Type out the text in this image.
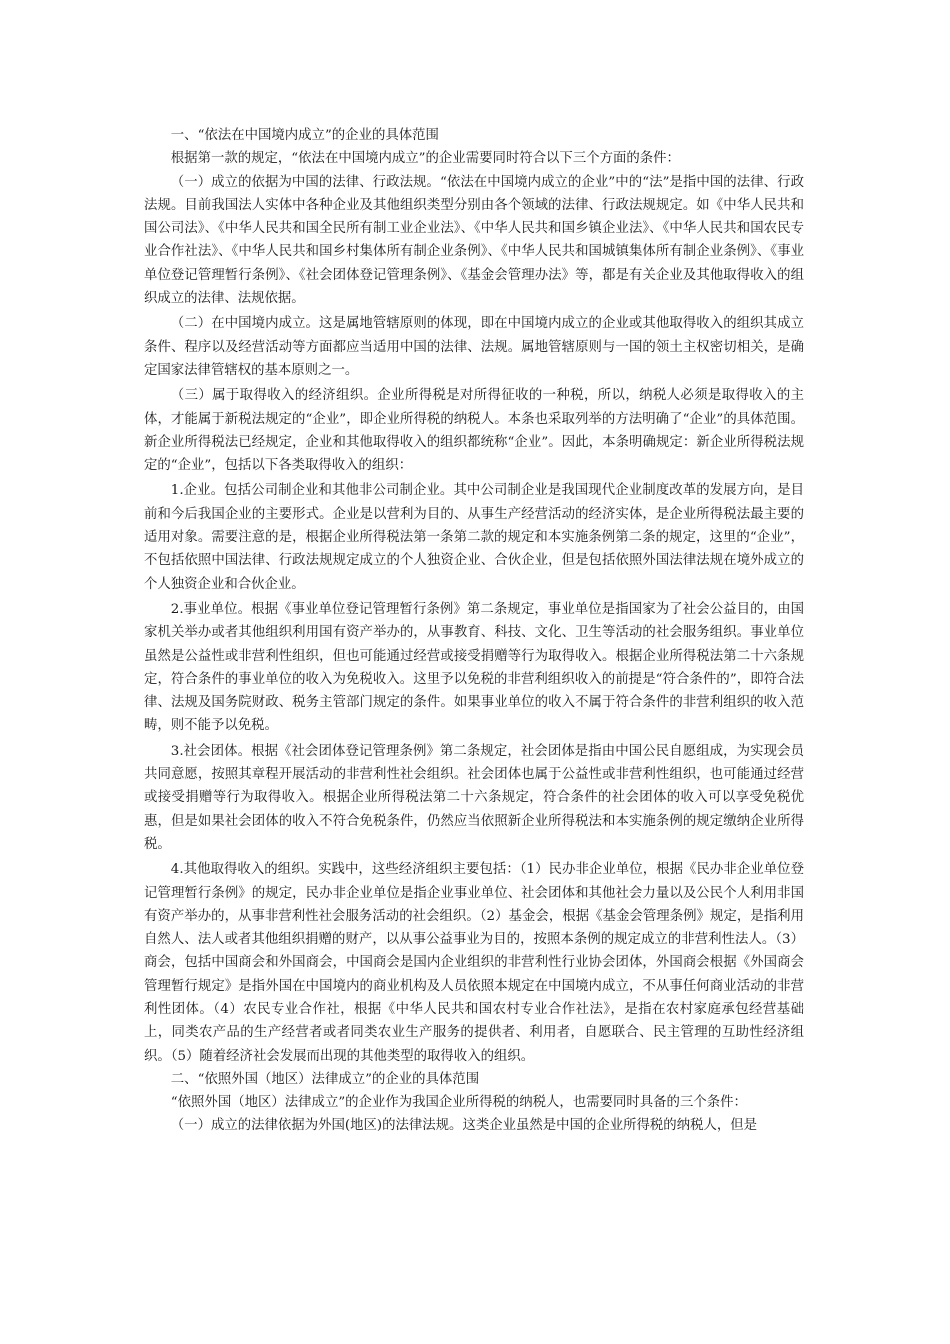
一、“依法在中国境内成立”的企业的具体范围

根据第一款的规定，“依法在中国境内成立”的企业需要同时符合以下三个方面的条件：

（一）成立的依据为中国的法律、行政法规。“依法在中国境内成立的企业”中的“法”是指中国的法律、行政法规。目前我国法人实体中各种企业及其他组织类型分别由各个领域的法律、行政法规规定。如《中华人民共和国公司法》、《中华人民共和国全民所有制工业企业法》、《中华人民共和国乡镇企业法》、《中华人民共和国农民专业合作社法》、《中华人民共和国乡村集体所有制企业条例》、《中华人民共和国城镇集体所有制企业条例》、《事业单位登记管理暂行条例》、《社会团体登记管理条例》、《基金会管理办法》等，都是有关企业及其他取得收入的组织成立的法律、法规依据。

（二）在中国境内成立。这是属地管辖原则的体现，即在中国境内成立的企业或其他取得收入的组织其成立条件、程序以及经营活动等方面都应当适用中国的法律、法规。属地管辖原则与一国的领土主权密切相关，是确定国家法律管辖权的基本原则之一。

（三）属于取得收入的经济组织。企业所得税是对所得征收的一种税，所以，纳税人必须是取得收入的主体，才能属于新税法规定的“企业”，即企业所得税的纳税人。本条也采取列举的方法明确了“企业”的具体范围。新企业所得税法已经规定，企业和其他取得收入的组织都统称“企业”。因此，本条明确规定：新企业所得税法规定的“企业”，包括以下各类取得收入的组织：

1.企业。包括公司制企业和其他非公司制企业。其中公司制企业是我国现代企业制度改革的发展方向，是目前和今后我国企业的主要形式。企业是以营利为目的、从事生产经营活动的经济实体，是企业所得税法最主要的适用对象。需要注意的是，根据企业所得税法第一条第二款的规定和本实施条例第二条的规定，这里的“企业”，不包括依照中国法律、行政法规规定成立的个人独资企业、合伙企业，但是包括依照外国法律法规在境外成立的个人独资企业和合伙企业。

2.事业单位。根据《事业单位登记管理暂行条例》第二条规定，事业单位是指国家为了社会公益目的，由国家机关举办或者其他组织利用国有资产举办的，从事教育、科技、文化、卫生等活动的社会服务组织。事业单位虽然是公益性或非营利性组织，但也可能通过经营或接受捐赠等行为取得收入。根据企业所得税法第二十六条规定，符合条件的事业单位的收入为免税收入。这里予以免税的非营利组织收入的前提是“符合条件的”，即符合法律、法规及国务院财政、税务主管部门规定的条件。如果事业单位的收入不属于符合条件的非营利组织的收入范畴，则不能予以免税。

3.社会团体。根据《社会团体登记管理条例》第二条规定，社会团体是指由中国公民自愿组成，为实现会员共同意愿，按照其章程开展活动的非营利性社会组织。社会团体也属于公益性或非营利性组织，也可能通过经营或接受捐赠等行为取得收入。根据企业所得税法第二十六条规定，符合条件的社会团体的收入可以享受免税优惠，但是如果社会团体的收入不符合免税条件，仍然应当依照新企业所得税法和本实施条例的规定缴纳企业所得税。

4.其他取得收入的组织。实践中，这些经济组织主要包括：（1）民办非企业单位，根据《民办非企业单位登记管理暂行条例》的规定，民办非企业单位是指企业事业单位、社会团体和其他社会力量以及公民个人利用非国有资产举办的，从事非营利性社会服务活动的社会组织。（2）基金会，根据《基金会管理条例》规定，是指利用自然人、法人或者其他组织捐赠的财产，以从事公益事业为目的，按照本条例的规定成立的非营利性法人。（3）商会，包括中国商会和外国商会，中国商会是国内企业组织的非营利性行业协会团体，外国商会根据《外国商会管理暂行规定》是指外国在中国境内的商业机构及人员依照本规定在中国境内成立，不从事任何商业活动的非营利性团体。（4）农民专业合作社，根据《中华人民共和国农村专业合作社法》，是指在农村家庭承包经营基础上，同类农产品的生产经营者或者同类农业生产服务的提供者、利用者，自愿联合、民主管理的互助性经济组织。（5）随着经济社会发展而出现的其他类型的取得收入的组织。

二、“依照外国（地区）法律成立”的企业的具体范围

“依照外国（地区）法律成立”的企业作为我国企业所得税的纳税人，也需要同时具备的三个条件：

（一）成立的法律依据为外国(地区)的法律法规。这类企业虽然是中国的企业所得税的纳税人，但是
